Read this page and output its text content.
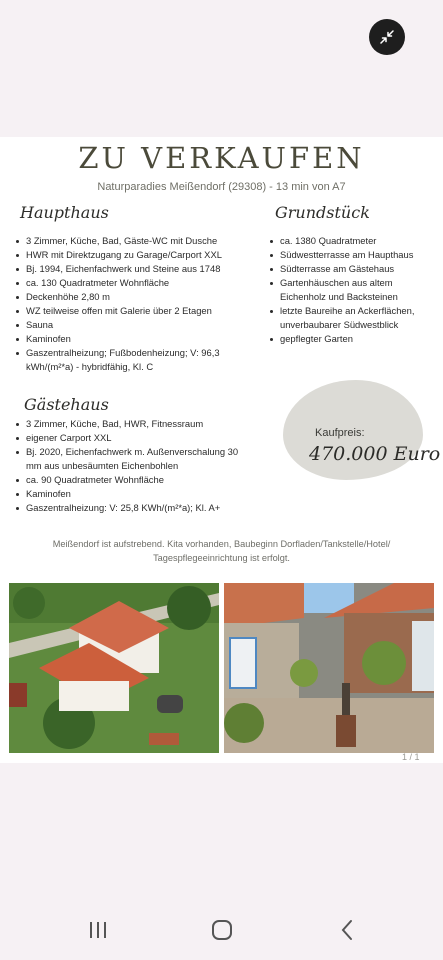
ZU VERKAUFEN
Naturparadies Meißendorf (29308) - 13 min von A7
Haupthaus
3 Zimmer, Küche, Bad, Gäste-WC mit Dusche
HWR mit Direktzugang zu Garage/Carport XXL
Bj. 1994, Eichenfachwerk und Steine aus 1748
ca. 130 Quadratmeter Wohnfläche
Deckenhöhe 2,80 m
WZ teilweise offen mit Galerie über 2 Etagen
Sauna
Kaminofen
Gaszentralheizung; Fußbodenheizung; V: 96,3 kWh/(m²*a) - hybridfähig, Kl. C
Grundstück
ca. 1380 Quadratmeter
Südwestterrasse am Haupthaus
Südterrasse am Gästehaus
Gartenhäuschen aus altem Eichenholz und Backsteinen
letzte Baureihe an Ackerflächen, unverbaubarer Südwestblick
gepflegter Garten
Gästehaus
3 Zimmer, Küche, Bad, HWR, Fitnessraum
eigener Carport XXL
Bj. 2020, Eichenfachwerk m. Außenverschalung 30 mm aus unbesäumten Eichenbohlen
ca. 90 Quadratmeter Wohnfläche
Kaminofen
Gaszentralheizung: V: 25,8 KWh/(m²*a); Kl. A+
Kaufpreis:
470.000 Euro
Meißendorf ist aufstrebend. Kita vorhanden, Baubeginn Dorfladen/Tankstelle/Hotel/ Tagespflegeeinrichtung ist erfolgt.
1 / 1
